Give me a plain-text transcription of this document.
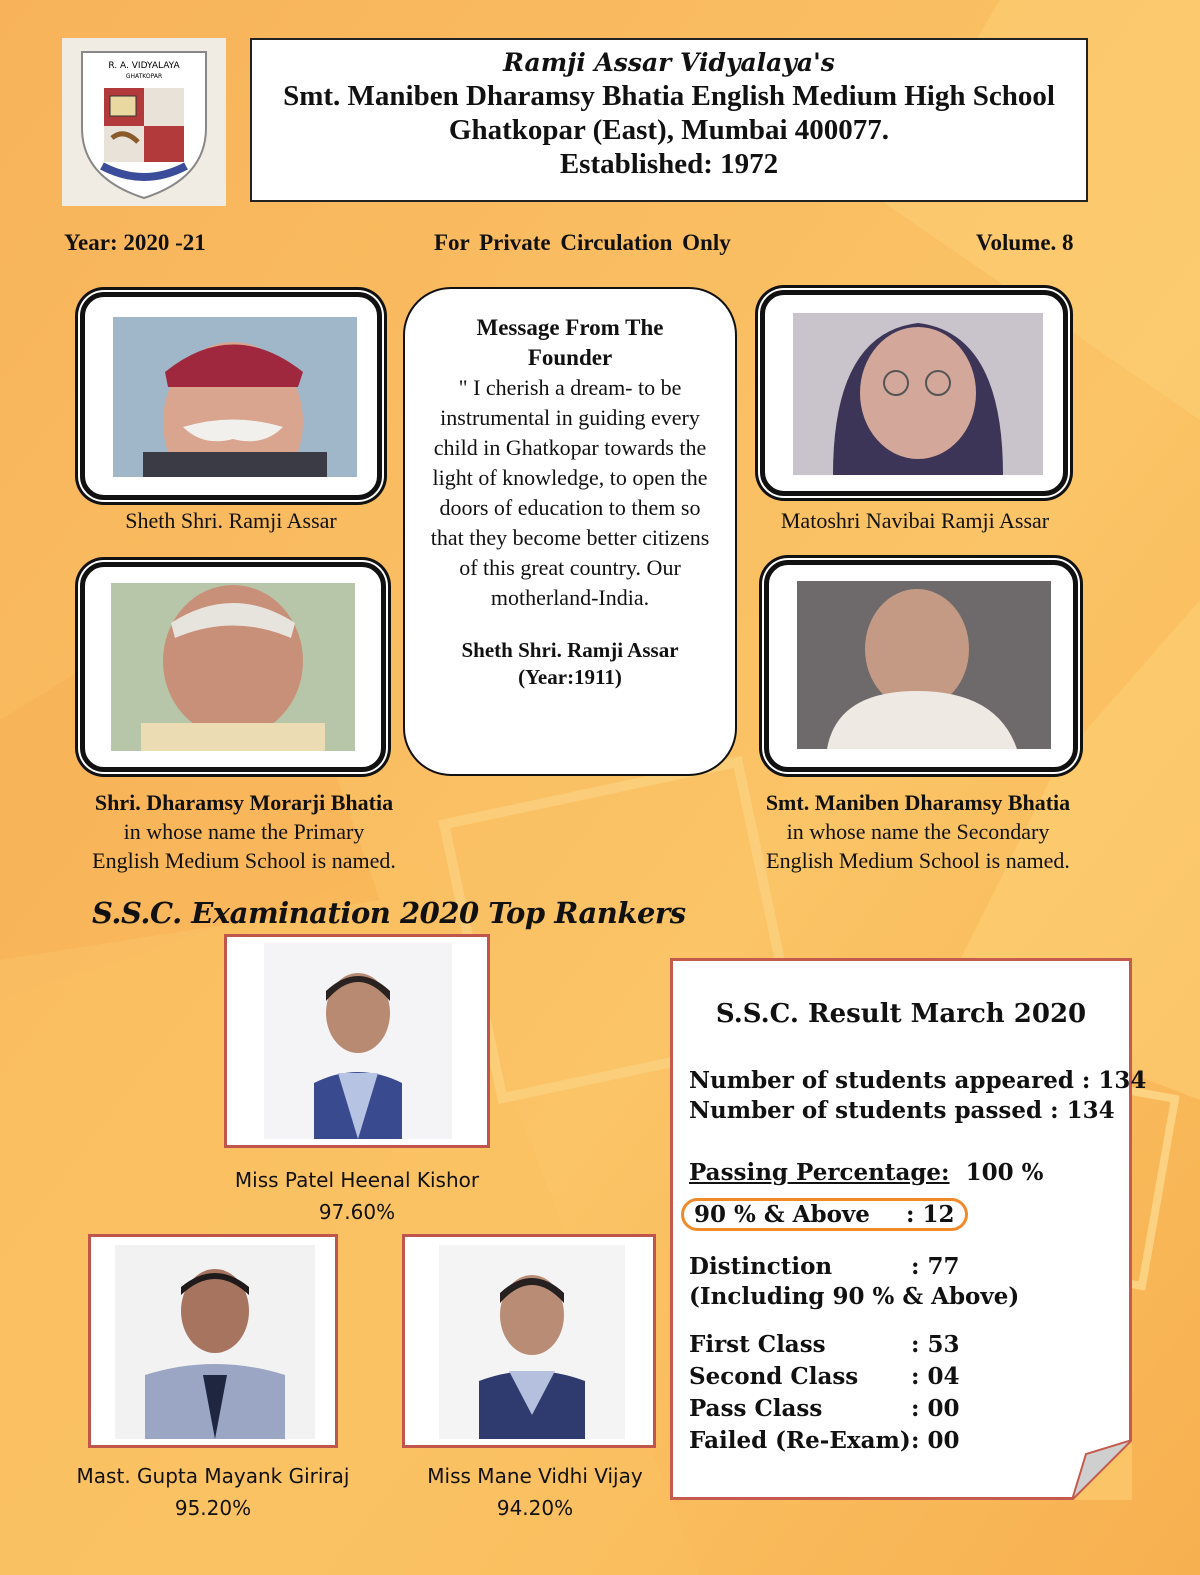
R. A. VIDYALAYA
GHATKOPAR	Ramji Assar Vidyalaya's
Smt. Maniben Dharamsy Bhatia English Medium High School
Ghatkopar (East), Mumbai 400077.
Established: 1972
Year: 2020 -21	For Private Circulation Only	Volume. 8
Sheth Shri. Ramji Assar	Matoshri Navibai Ramji Assar
Shri. Dharamsy Morarji Bhatia
in whose name the Primary
English Medium School is named.
Smt. Maniben Dharamsy Bhatia
in whose name the Secondary
English Medium School is named.
Message From The
Founder
" I cherish a dream- to be instrumental in guiding every child in Ghatkopar towards the light of knowledge, to open the doors of education to them so that they become better citizens of this great country. Our motherland-India.
Sheth Shri. Ramji Assar
(Year:1911)
S.S.C. Examination 2020 Top Rankers
Miss Patel Heenal Kishor
97.60%
Mast. Gupta Mayank Giriraj
95.20%
Miss Mane Vidhi Vijay
94.20%
S.S.C. Result March 2020
Number of students appeared : 134
Number of students passed : 134
Passing Percentage: 100 %
90 % & Above : 12
Distinction	: 77
(Including 90 % & Above)
First Class	: 53
Second Class : 04
Pass Class	: 00
Failed (Re-Exam): 00
